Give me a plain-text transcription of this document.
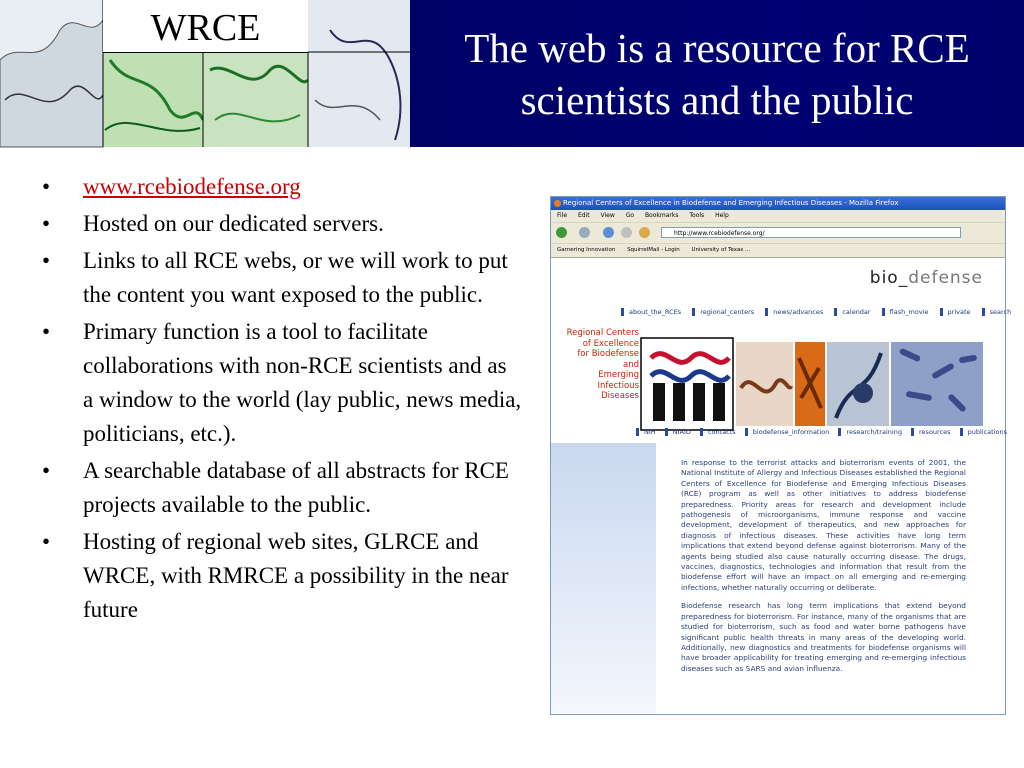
WRCE	The web is a resource for RCE
scientists and the public
• www.rcebiodefense.org
• Hosted on our dedicated servers.
• Links to all RCE webs, or we will work to put the content you want exposed to the public.
• Primary function is a tool to facilitate collaborations with non-RCE scientists and as a window to the world (lay public, news media, politicians, etc.).
• A searchable database of all abstracts for RCE projects available to the public.
• Hosting of regional web sites, GLRCE and WRCE, with RMRCE a possibility in the near future
Regional Centers of Excellence in Biodefense and Emerging Infectious Diseases - Mozilla Firefox
File Edit View Go Bookmarks Tools Help
http://www.rcebiodefense.org/
Garnering Innovation SquirrelMail - Login University of Texas ...
bio_defense
about_the_RCEs	regional_centers	news/advances	calendar	flash_movie	private	search
Regional Centers
of Excellence
for Biodefense
and
Emerging
Infectious
Diseases
NIH	NIAID	contacts	biodefense_information	research/training	resources	publications

In response to the terrorist attacks and bioterrorism events of 2001, the National Institute of Allergy and Infectious Diseases established the Regional Centers of Excellence for Biodefense and Emerging Infectious Diseases (RCE) program as well as other initiatives to address biodefense preparedness. Priority areas for research and development include pathogenesis of microorganisms, immune response and vaccine development, development of therapeutics, and new approaches for diagnosis of infectious diseases. These activities have long term implications that extend beyond defense against bioterrorism. Many of the agents being studied also cause naturally occurring disease. The drugs, vaccines, diagnostics, technologies and information that result from the biodefense effort will have an impact on all emerging and re-emerging infections, whether naturally occurring or deliberate.

Biodefense research has long term implications that extend beyond preparedness for bioterrorism. For instance, many of the organisms that are studied for bioterrorism, such as food and water borne pathogens have significant public health threats in many areas of the developing world. Additionally, new diagnostics and treatments for biodefense organisms will have broader applicability for treating emerging and re-emerging infectious diseases such as SARS and avian influenza.
